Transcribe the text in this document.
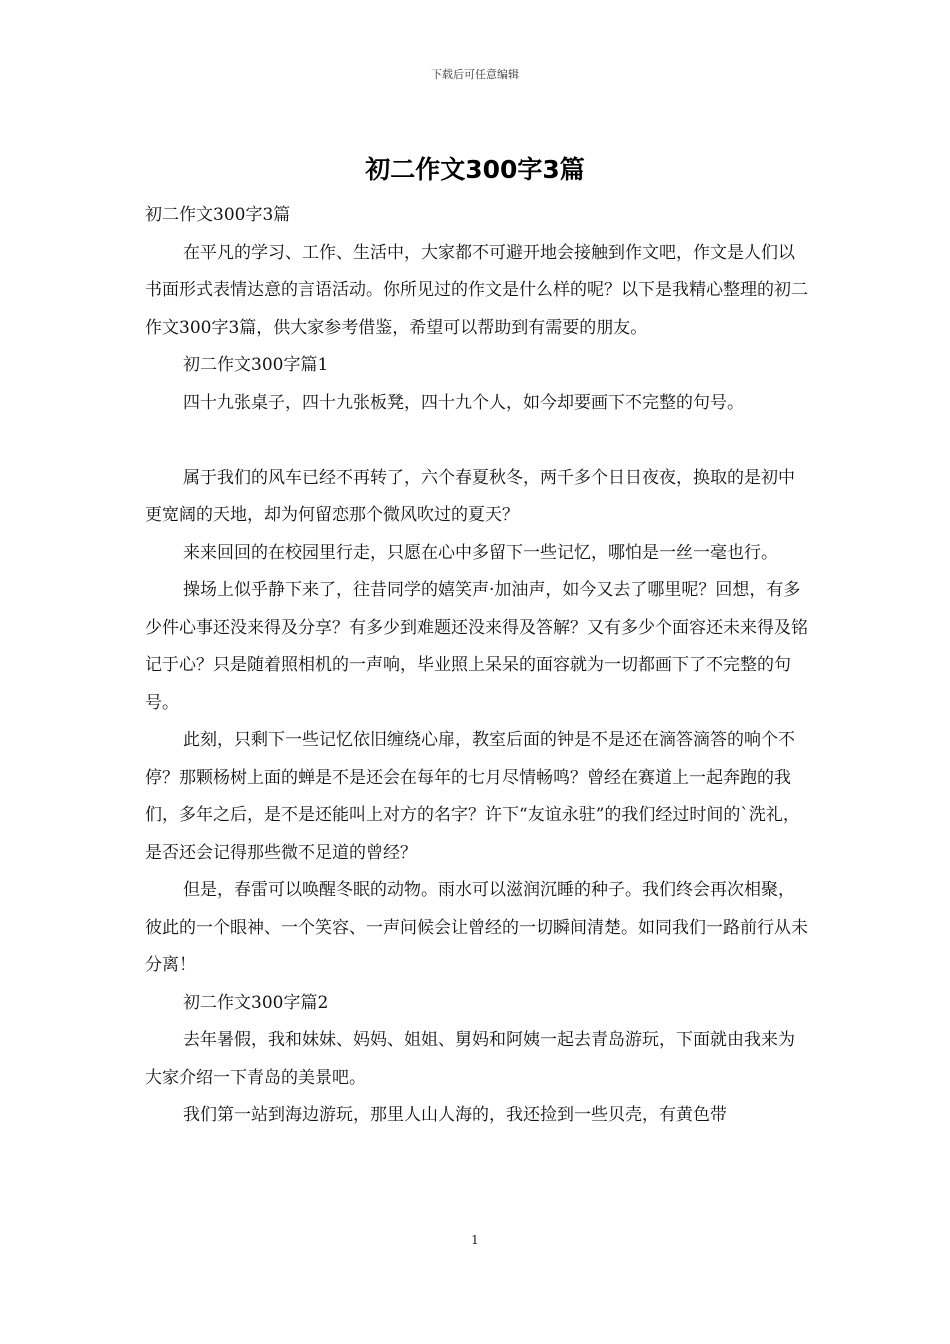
下载后可任意编辑
初二作文300字3篇

初二作文300字3篇

在平凡的学习、工作、生活中，大家都不可避开地会接触到作文吧，作文是人们以书面形式表情达意的言语活动。你所见过的作文是什么样的呢？以下是我精心整理的初二作文300字3篇，供大家参考借鉴，希望可以帮助到有需要的朋友。

初二作文300字篇1

四十九张桌子，四十九张板凳，四十九个人，如今却要画下不完整的句号。

属于我们的风车已经不再转了，六个春夏秋冬，两千多个日日夜夜，换取的是初中更宽阔的天地，却为何留恋那个微风吹过的夏天？

来来回回的在校园里行走，只愿在心中多留下一些记忆，哪怕是一丝一毫也行。

操场上似乎静下来了，往昔同学的嬉笑声·加油声，如今又去了哪里呢？回想，有多少件心事还没来得及分享？有多少到难题还没来得及答解？又有多少个面容还未来得及铭记于心？只是随着照相机的一声响，毕业照上呆呆的面容就为一切都画下了不完整的句号。

此刻，只剩下一些记忆依旧缠绕心扉，教室后面的钟是不是还在滴答滴答的响个不停？那颗杨树上面的蝉是不是还会在每年的七月尽情畅鸣？曾经在赛道上一起奔跑的我们，多年之后，是不是还能叫上对方的名字？许下“友谊永驻”的我们经过时间的`洗礼，是否还会记得那些微不足道的曾经？

但是，春雷可以唤醒冬眠的动物。雨水可以滋润沉睡的种子。我们终会再次相聚，彼此的一个眼神、一个笑容、一声问候会让曾经的一切瞬间清楚。如同我们一路前行从未分离！

初二作文300字篇2

去年暑假，我和妹妹、妈妈、姐姐、舅妈和阿姨一起去青岛游玩，下面就由我来为大家介绍一下青岛的美景吧。

我们第一站到海边游玩，那里人山人海的，我还捡到一些贝壳，有黄色带

1
